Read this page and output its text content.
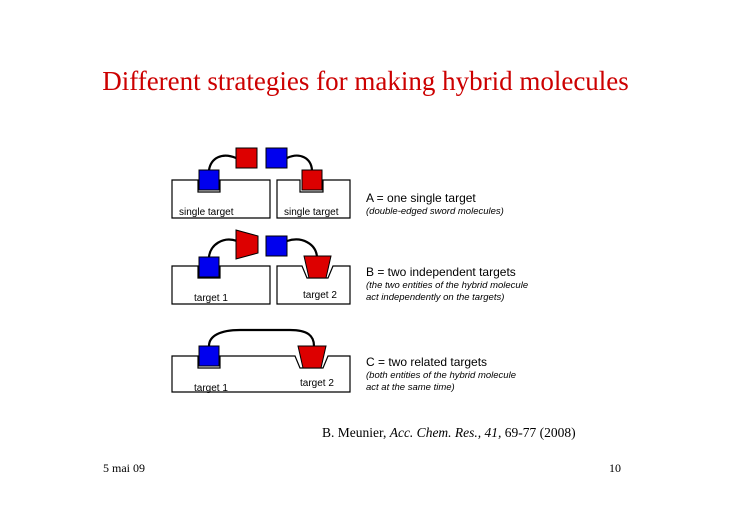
Different strategies for making hybrid molecules
single target	single target
target 1	target 2
target 1	target 2
A = one single target
(double-edged sword molecules)
B = two independent targets
(the two entities of the hybrid molecule
act independently on the targets)
C = two related targets
(both entities of the hybrid molecule
act at the same time)
B. Meunier, Acc. Chem. Res., 41, 69-77 (2008)
5 mai 09	10
